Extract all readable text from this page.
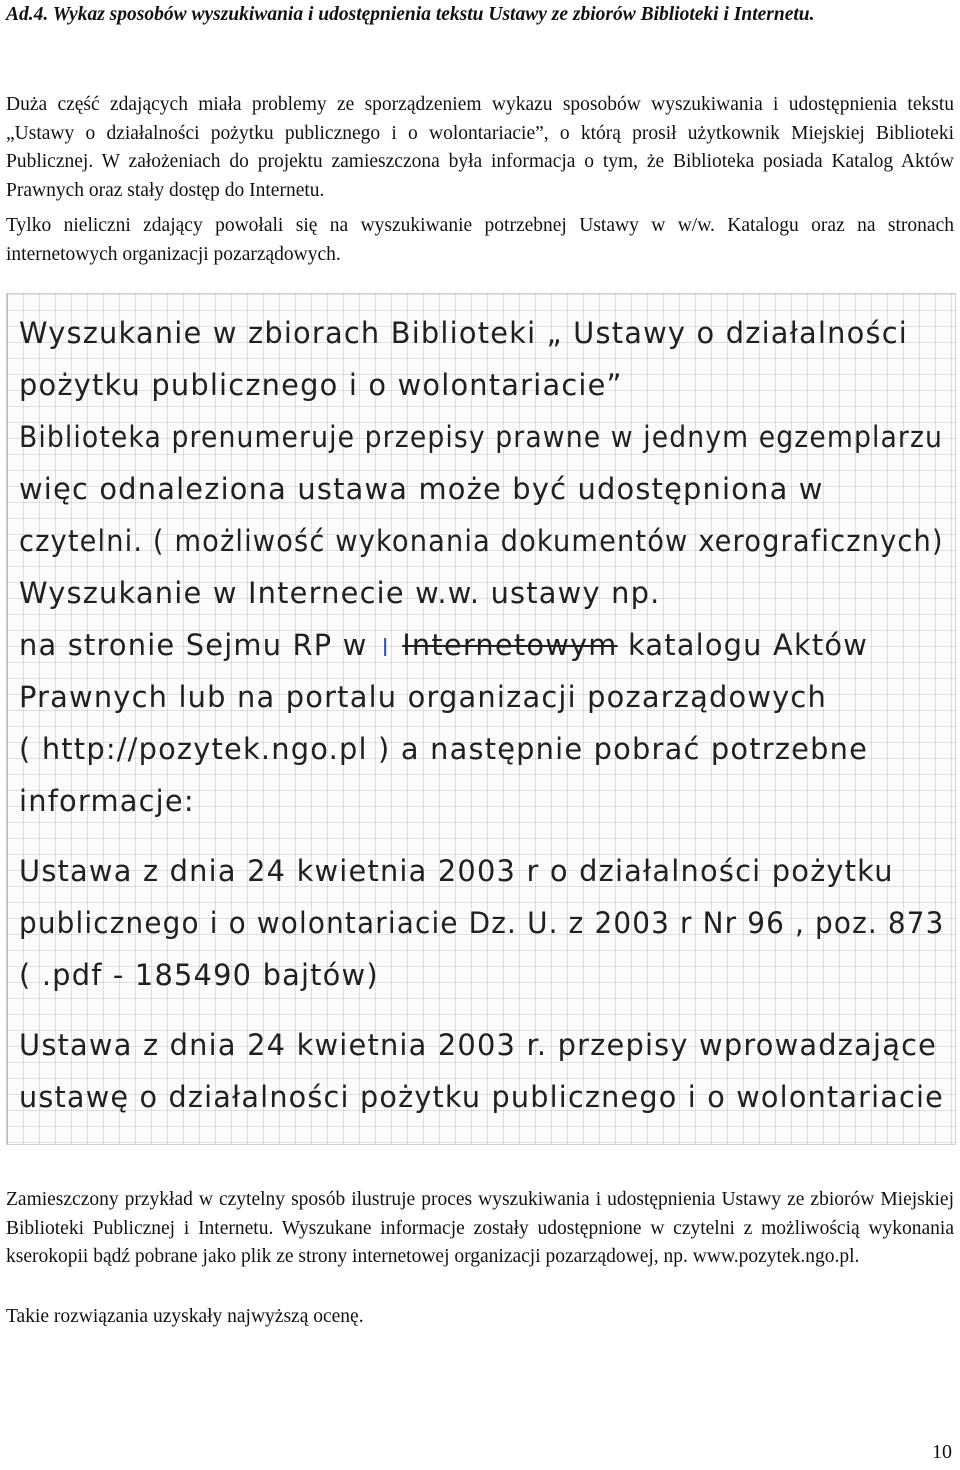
Ad.4. Wykaz sposobów wyszukiwania i udostępnienia tekstu Ustawy ze zbiorów Biblioteki i Internetu.

Duża część zdających miała problemy ze sporządzeniem wykazu sposobów wyszukiwania i udostępnienia tekstu „Ustawy o działalności pożytku publicznego i o wolontariacie”, o którą prosił użytkownik Miejskiej Biblioteki Publicznej. W założeniach do projektu zamieszczona była informacja o tym, że Biblioteka posiada Katalog Aktów Prawnych oraz stały dostęp do Internetu.

Tylko nieliczni zdający powołali się na wyszukiwanie potrzebnej Ustawy w w/w. Katalogu oraz na stronach internetowych organizacji pozarządowych.

Wyszukanie w zbiorach Biblioteki „ Ustawy o działalności
pożytku publicznego i o wolontariacie”
Biblioteka prenumeruje przepisy prawne w jednym egzemplarzu
więc odnaleziona ustawa może być udostępniona w
czytelni. ( możliwość wykonania dokumentów xerograficznych)
Wyszukanie w Internecie w.w. ustawy np.
na stronie Sejmu RP w Internetowym katalogu Aktów
Prawnych lub na portalu organizacji pozarządowych
( http://pozytek.ngo.pl ) a następnie pobrać potrzebne
informacje:
Ustawa z dnia 24 kwietnia 2003 r o działalności pożytku
publicznego i o wolontariacie Dz. U. z 2003 r Nr 96 , poz. 873
( .pdf - 185490 bajtów)
Ustawa z dnia 24 kwietnia 2003 r. przepisy wprowadzające
ustawę o działalności pożytku publicznego i o wolontariacie

Zamieszczony przykład w czytelny sposób ilustruje proces wyszukiwania i udostępnienia Ustawy ze zbiorów Miejskiej Biblioteki Publicznej i Internetu. Wyszukane informacje zostały udostępnione w czytelni z możliwością wykonania kserokopii bądź pobrane jako plik ze strony internetowej organizacji pozarządowej, np. www.pozytek.ngo.pl.

Takie rozwiązania uzyskały najwyższą ocenę.

10
